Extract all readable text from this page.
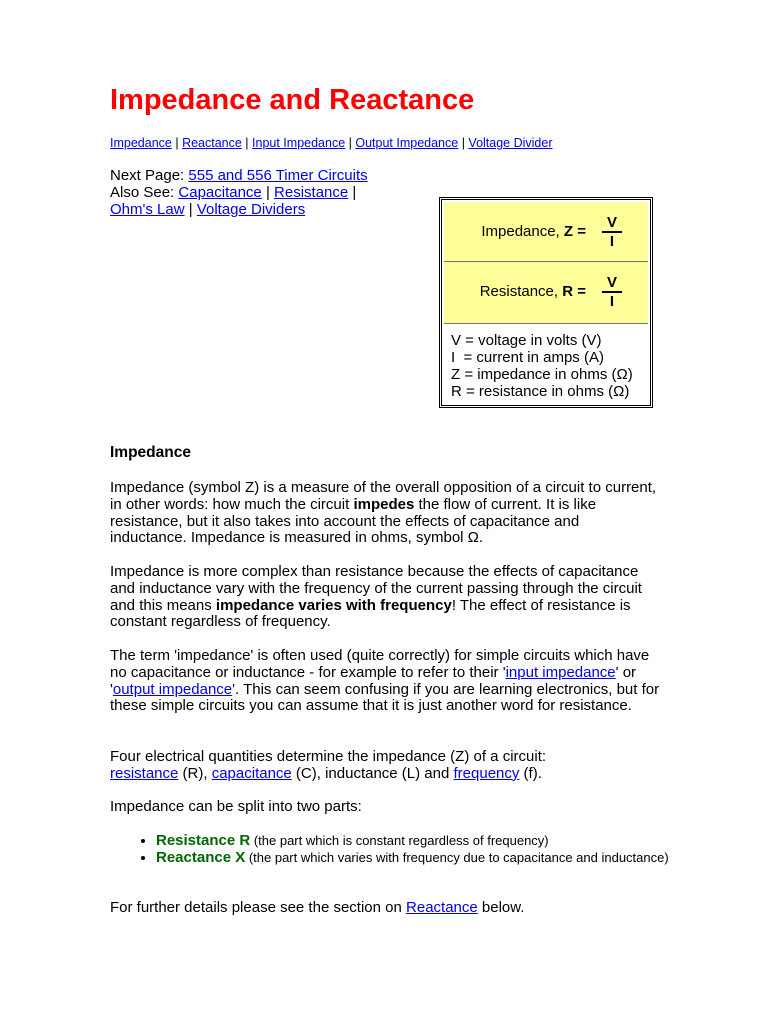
Impedance and Reactance
Impedance | Reactance | Input Impedance | Output Impedance | Voltage Divider
Next Page: 555 and 556 Timer Circuits
Also See: Capacitance | Resistance |
Ohm's Law | Voltage Dividers
Impedance, $Z = \frac{V}{I}$
Resistance, $R = \frac{V}{I}$
V = voltage in volts (V)
I  = current in amps (A)
Z = impedance in ohms (Ω)
R = resistance in ohms (Ω)
Impedance

Impedance (symbol Z) is a measure of the overall opposition of a circuit to current, in other words: how much the circuit impedes the flow of current. It is like resistance, but it also takes into account the effects of capacitance and inductance. Impedance is measured in ohms, symbol Ω.

Impedance is more complex than resistance because the effects of capacitance and inductance vary with the frequency of the current passing through the circuit and this means impedance varies with frequency! The effect of resistance is constant regardless of frequency.

The term 'impedance' is often used (quite correctly) for simple circuits which have no capacitance or inductance - for example to refer to their 'input impedance' or 'output impedance'. This can seem confusing if you are learning electronics, but for these simple circuits you can assume that it is just another word for resistance.

Four electrical quantities determine the impedance (Z) of a circuit:
resistance (R), capacitance (C), inductance (L) and frequency (f).

Impedance can be split into two parts:

• Resistance R (the part which is constant regardless of frequency)
• Reactance X (the part which varies with frequency due to capacitance and inductance)

For further details please see the section on Reactance below.
